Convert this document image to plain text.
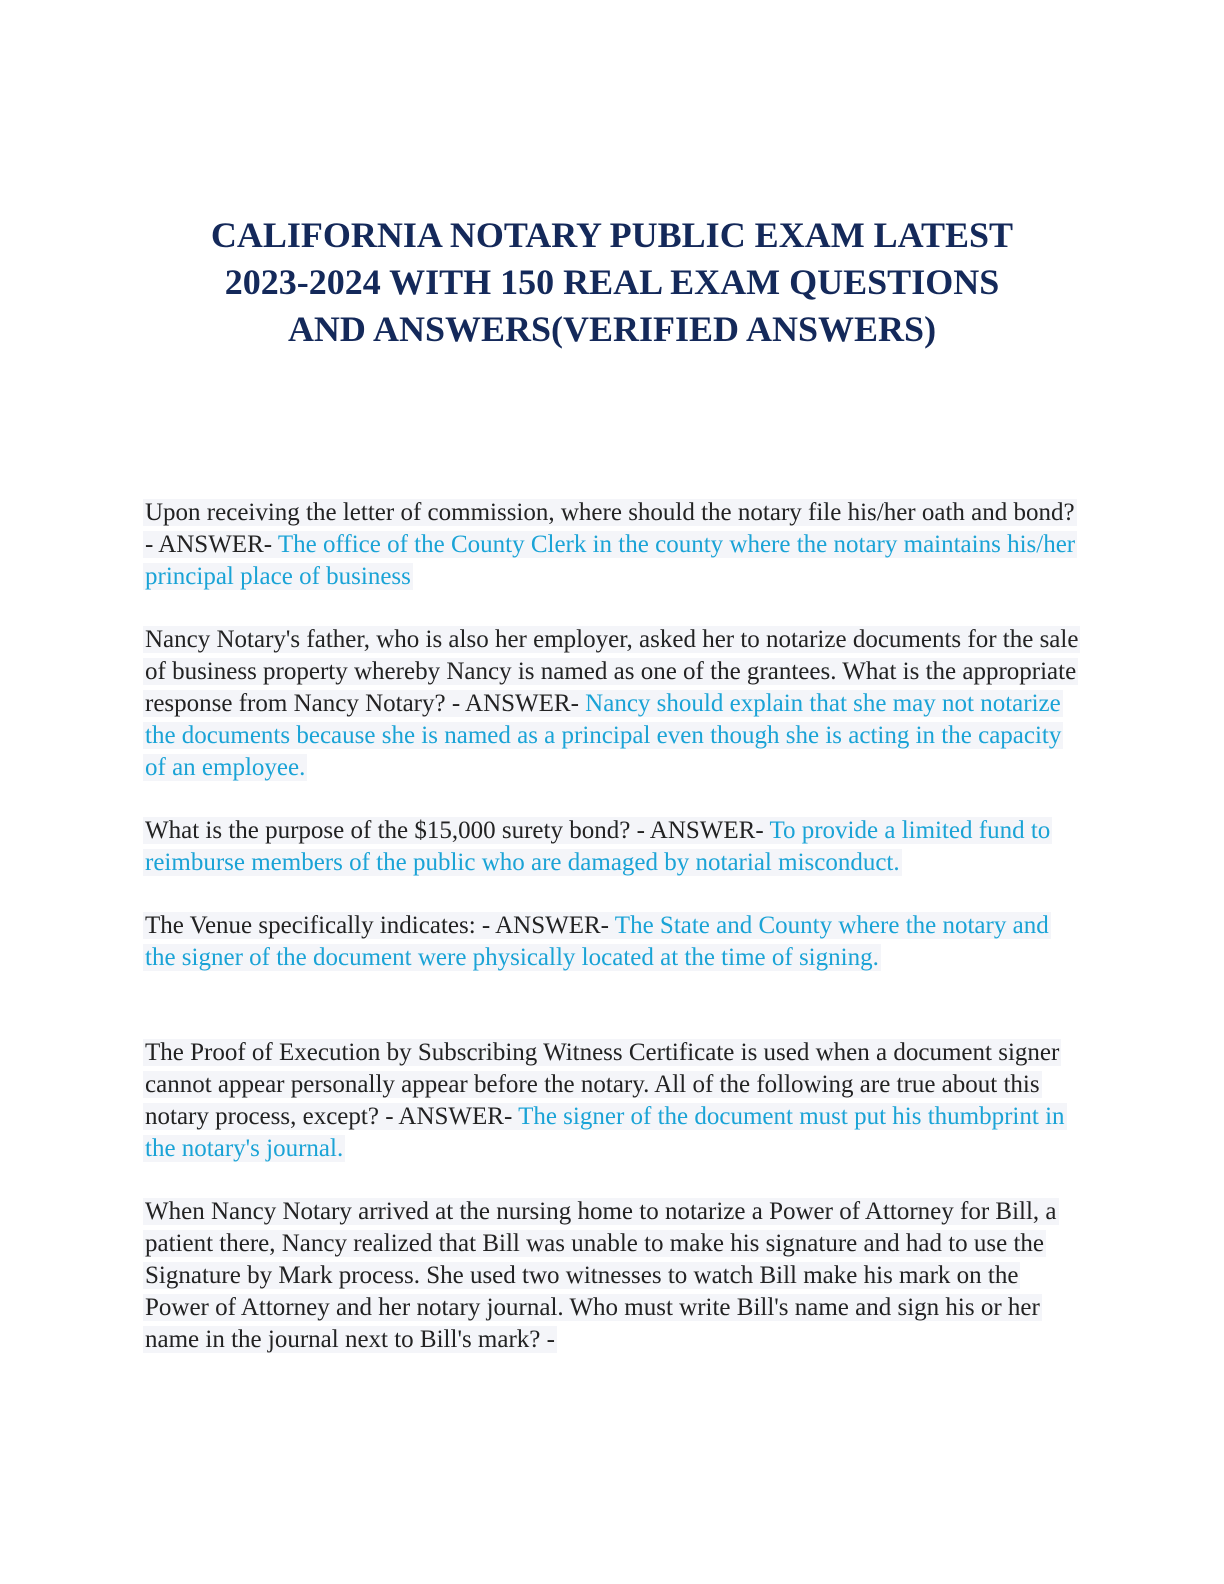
CALIFORNIA NOTARY PUBLIC EXAM LATEST
2023-2024 WITH 150 REAL EXAM QUESTIONS
AND ANSWERS(VERIFIED ANSWERS)

Upon receiving the letter of commission, where should the notary file his/her oath and bond? - ANSWER- The office of the County Clerk in the county where the notary maintains his/her principal place of business

Nancy Notary's father, who is also her employer, asked her to notarize documents for the sale of business property whereby Nancy is named as one of the grantees. What is the appropriate response from Nancy Notary? - ANSWER- Nancy should explain that she may not notarize the documents because she is named as a principal even though she is acting in the capacity of an employee.

What is the purpose of the $15,000 surety bond? - ANSWER- To provide a limited fund to reimburse members of the public who are damaged by notarial misconduct.

The Venue specifically indicates: - ANSWER- The State and County where the notary and the signer of the document were physically located at the time of signing.

The Proof of Execution by Subscribing Witness Certificate is used when a document signer cannot appear personally appear before the notary. All of the following are true about this notary process, except? - ANSWER- The signer of the document must put his thumbprint in the notary's journal.

When Nancy Notary arrived at the nursing home to notarize a Power of Attorney for Bill, a patient there, Nancy realized that Bill was unable to make his signature and had to use the Signature by Mark process. She used two witnesses to watch Bill make his mark on the Power of Attorney and her notary journal. Who must write Bill's name and sign his or her name in the journal next to Bill's mark? -
